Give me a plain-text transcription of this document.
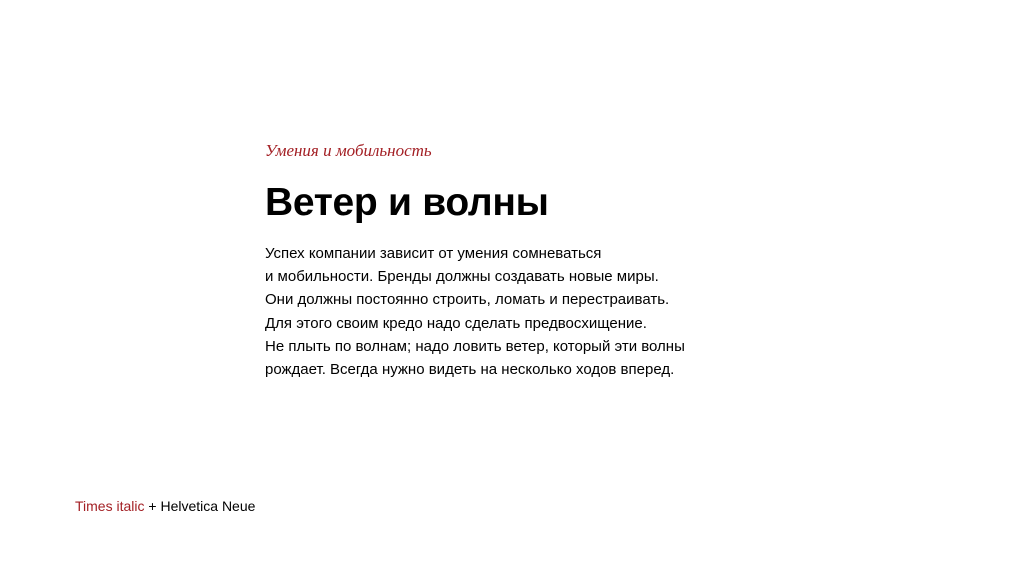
Умения и мобильность

Ветер и волны
Успех компании зависит от умения сомневаться
и мобильности. Бренды должны создавать новые миры.
Они должны постоянно строить, ломать и перестраивать.
Для этого своим кредо надо сделать предвосхищение.
Не плыть по волнам; надо ловить ветер, который эти волны
рождает. Всегда нужно видеть на несколько ходов вперед.
Times italic + Helvetica Neue
